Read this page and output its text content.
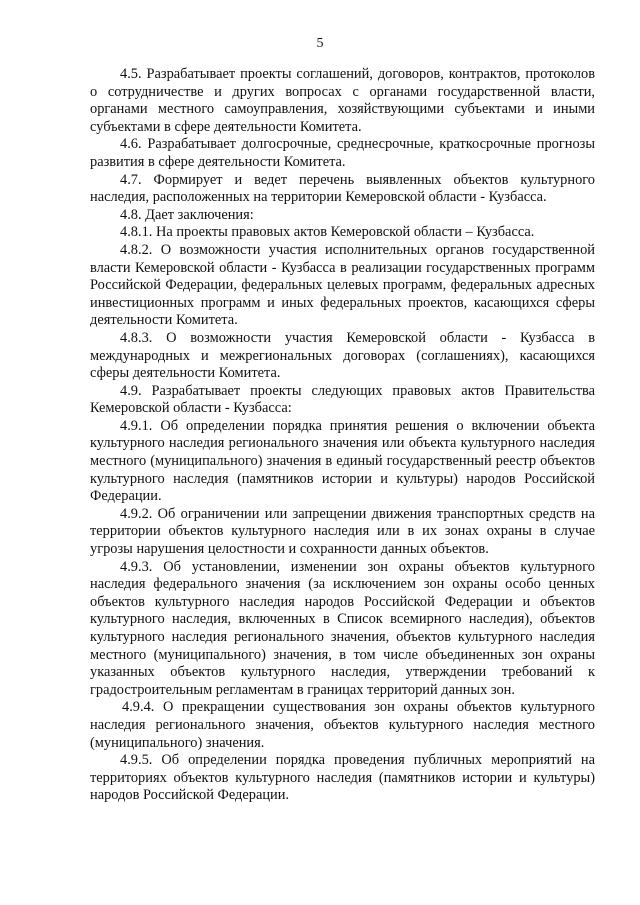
5

4.5. Разрабатывает проекты соглашений, договоров, контрактов, протоколов о сотрудничестве и других вопросах с органами государственной власти, органами местного самоуправления, хозяйствующими субъектами и иными субъектами в сфере деятельности Комитета.

4.6. Разрабатывает долгосрочные, среднесрочные, краткосрочные прогнозы развития в сфере деятельности Комитета.

4.7. Формирует и ведет перечень выявленных объектов культурного наследия, расположенных на территории Кемеровской области - Кузбасса.

4.8. Дает заключения:

4.8.1. На проекты правовых актов Кемеровской области – Кузбасса.

4.8.2. О возможности участия исполнительных органов государственной власти Кемеровской области - Кузбасса в реализации государственных программ Российской Федерации, федеральных целевых программ, федеральных адресных инвестиционных программ и иных федеральных проектов, касающихся сферы деятельности Комитета.

4.8.3. О возможности участия Кемеровской области - Кузбасса в международных и межрегиональных договорах (соглашениях), касающихся сферы деятельности Комитета.

4.9. Разрабатывает проекты следующих правовых актов Правительства Кемеровской области - Кузбасса:

4.9.1. Об определении порядка принятия решения о включении объекта культурного наследия регионального значения или объекта культурного наследия местного (муниципального) значения в единый государственный реестр объектов культурного наследия (памятников истории и культуры) народов Российской Федерации.

4.9.2. Об ограничении или запрещении движения транспортных средств на территории объектов культурного наследия или в их зонах охраны в случае угрозы нарушения целостности и сохранности данных объектов.

4.9.3. Об установлении, изменении зон охраны объектов культурного наследия федерального значения (за исключением зон охраны особо ценных объектов культурного наследия народов Российской Федерации и объектов культурного наследия, включенных в Список всемирного наследия), объектов культурного наследия регионального значения, объектов культурного наследия местного (муниципального) значения, в том числе объединенных зон охраны указанных объектов культурного наследия, утверждении требований к градостроительным регламентам в границах территорий данных зон.

4.9.4. О прекращении существования зон охраны объектов культурного наследия регионального значения, объектов культурного наследия местного (муниципального) значения.

4.9.5. Об определении порядка проведения публичных мероприятий на территориях объектов культурного наследия (памятников истории и культуры) народов Российской Федерации.
